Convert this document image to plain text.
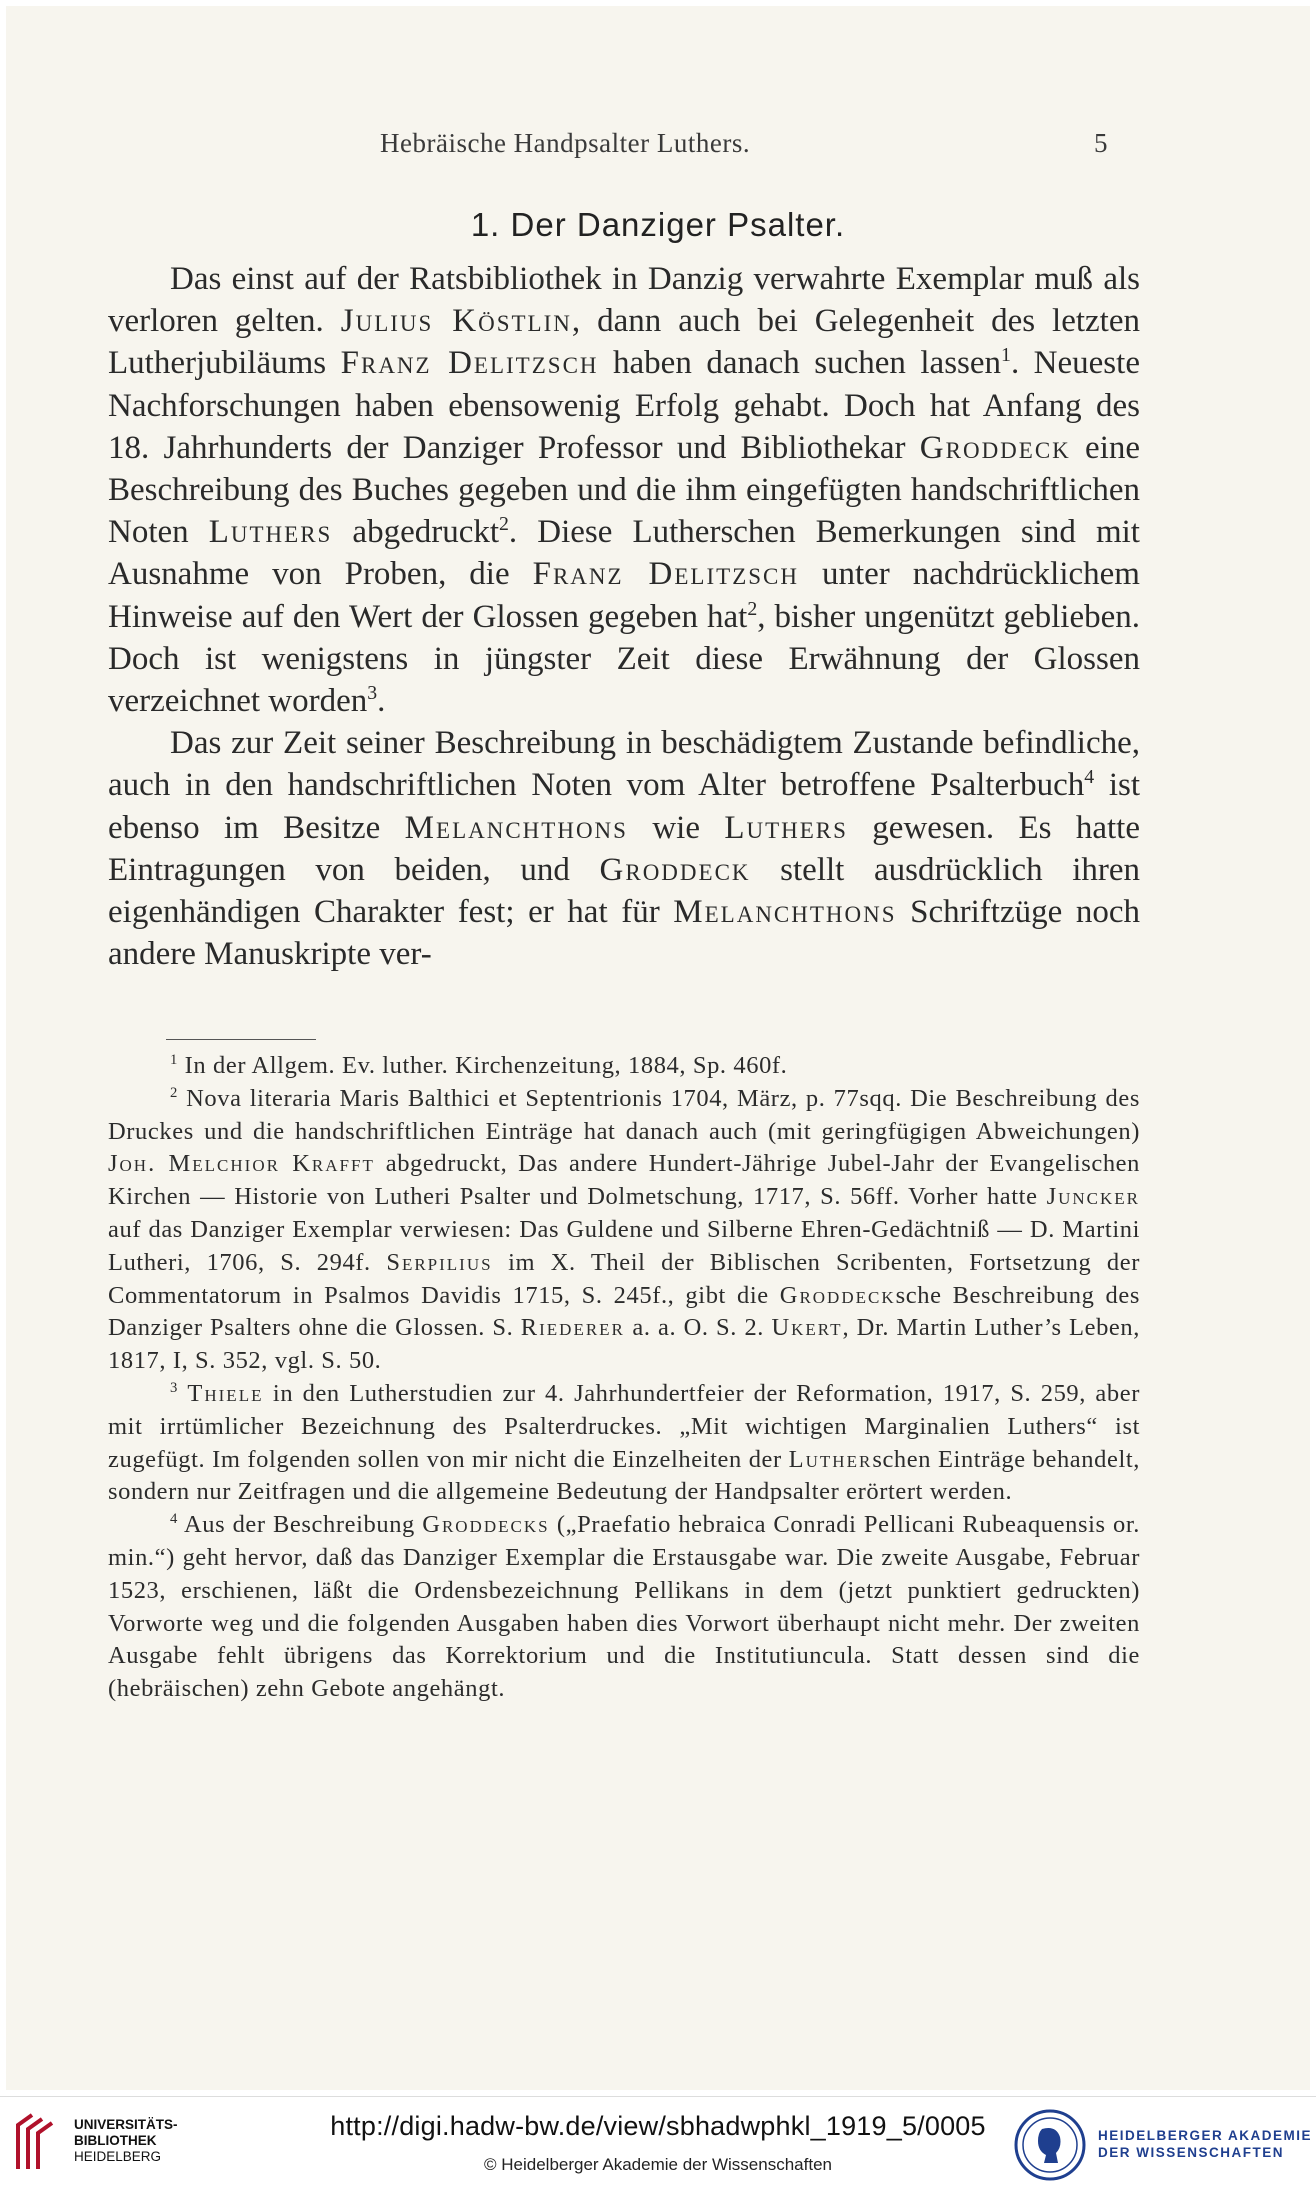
Hebräische Handpsalter Luthers.	5
1. Der Danziger Psalter.

Das einst auf der Ratsbibliothek in Danzig verwahrte Exemplar muß als verloren gelten. Julius Köstlin, dann auch bei Gelegenheit des letzten Lutherjubiläums Franz Delitzsch haben danach suchen lassen$^1$. Neueste Nachforschungen haben ebensowenig Erfolg gehabt. Doch hat Anfang des 18. Jahrhunderts der Danziger Professor und Bibliothekar Groddeck eine Beschreibung des Buches gegeben und die ihm eingefügten handschriftlichen Noten Luthers abgedruckt$^2$. Diese Lutherschen Bemerkungen sind mit Ausnahme von Proben, die Franz Delitzsch unter nachdrücklichem Hinweise auf den Wert der Glossen gegeben hat$^2$, bisher ungenützt geblieben. Doch ist wenigstens in jüngster Zeit diese Erwähnung der Glossen verzeichnet worden$^3$.

Das zur Zeit seiner Beschreibung in beschädigtem Zustande befindliche, auch in den handschriftlichen Noten vom Alter betroffene Psalterbuch$^4$ ist ebenso im Besitze Melanchthons wie Luthers gewesen. Es hatte Eintragungen von beiden, und Groddeck stellt ausdrücklich ihren eigenhändigen Charakter fest; er hat für Melanchthons Schriftzüge noch andere Manuskripte ver-

$^1$ In der Allgem. Ev. luther. Kirchenzeitung, 1884, Sp. 460f.

$^2$ Nova literaria Maris Balthici et Septentrionis 1704, März, p. 77sqq. Die Beschreibung des Druckes und die handschriftlichen Einträge hat danach auch (mit geringfügigen Abweichungen) Joh. Melchior Krafft abgedruckt, Das andere Hundert-Jährige Jubel-Jahr der Evangelischen Kirchen — Historie von Lutheri Psalter und Dolmetschung, 1717, S. 56ff. Vorher hatte Juncker auf das Danziger Exemplar verwiesen: Das Guldene und Silberne Ehren-Gedächtniß — D. Martini Lutheri, 1706, S. 294f. Serpilius im X. Theil der Biblischen Scribenten, Fortsetzung der Commentatorum in Psalmos Davidis 1715, S. 245f., gibt die Groddecksche Beschreibung des Danziger Psalters ohne die Glossen. S. Riederer a. a. O. S. 2. Ukert, Dr. Martin Luther’s Leben, 1817, I, S. 352, vgl. S. 50.

$^3$ Thiele in den Lutherstudien zur 4. Jahrhundertfeier der Reformation, 1917, S. 259, aber mit irrtümlicher Bezeichnung des Psalterdruckes. „Mit wichtigen Marginalien Luthers“ ist zugefügt. Im folgenden sollen von mir nicht die Einzelheiten der Lutherschen Einträge behandelt, sondern nur Zeitfragen und die allgemeine Bedeutung der Handpsalter erörtert werden.

$^4$ Aus der Beschreibung Groddecks („Praefatio hebraica Conradi Pellicani Rubeaquensis or. min.“) geht hervor, daß das Danziger Exemplar die Erstausgabe war. Die zweite Ausgabe, Februar 1523, erschienen, läßt die Ordensbezeichnung Pellikans in dem (jetzt punktiert gedruckten) Vorworte weg und die folgenden Ausgaben haben dies Vorwort überhaupt nicht mehr. Der zweiten Ausgabe fehlt übrigens das Korrektorium und die Institutiuncula. Statt dessen sind die (hebräischen) zehn Gebote angehängt.

UNIVERSITÄTS-
BIBLIOTHEK
HEIDELBERG
http://digi.hadw-bw.de/view/sbhadwphkl_1919_5/0005
© Heidelberger Akademie der Wissenschaften
HEIDELBERGER AKADEMIE
DER WISSENSCHAFTEN
